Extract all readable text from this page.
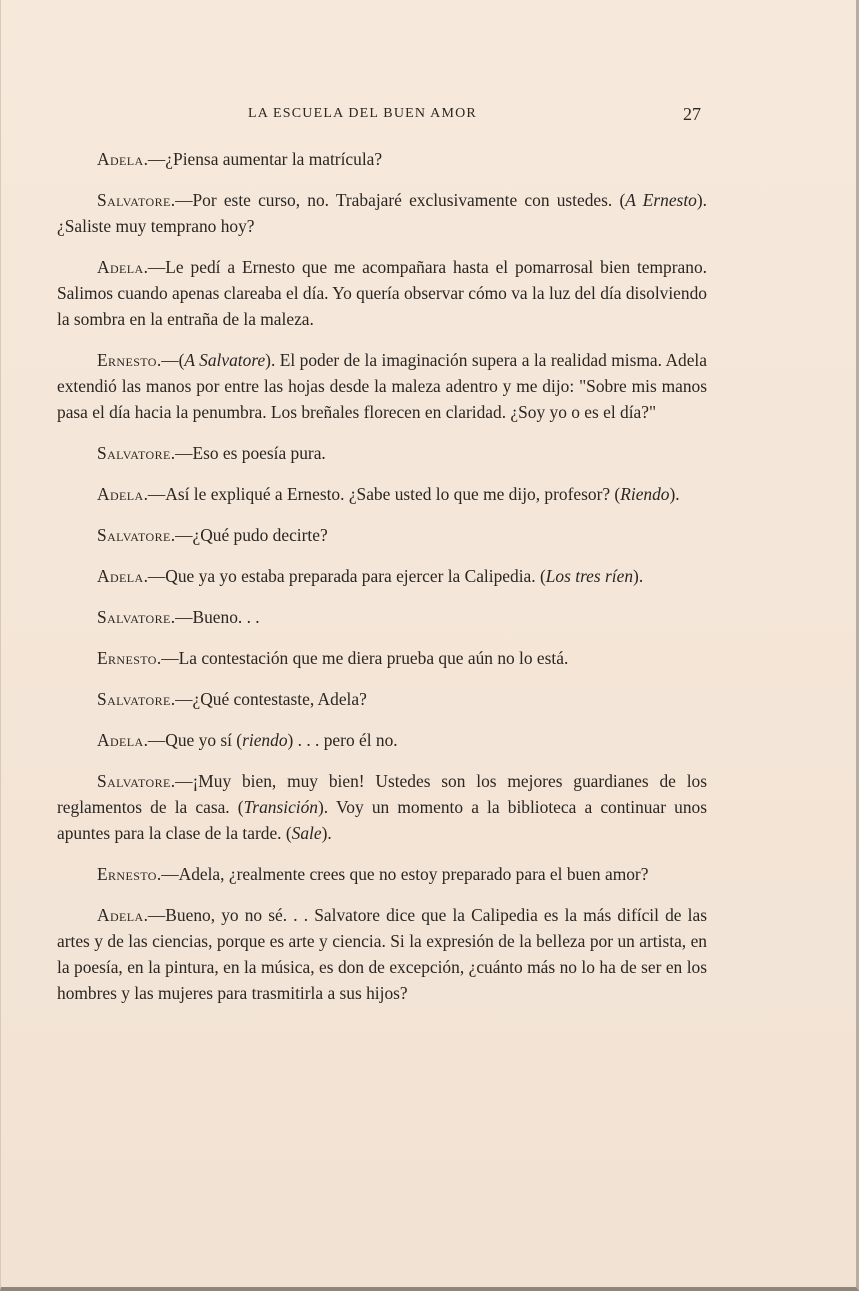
LA ESCUELA DEL BUEN AMOR	27

Adela.—¿Piensa aumentar la matrícula?

Salvatore.—Por este curso, no. Trabajaré exclusivamente con ustedes. (A Ernesto). ¿Saliste muy temprano hoy?

Adela.—Le pedí a Ernesto que me acompañara hasta el pomarrosal bien temprano. Salimos cuando apenas clareaba el día. Yo quería observar cómo va la luz del día disolviendo la sombra en la entraña de la maleza.

Ernesto.—(A Salvatore). El poder de la imaginación supera a la realidad misma. Adela extendió las manos por entre las hojas desde la maleza adentro y me dijo: "Sobre mis manos pasa el día hacia la penumbra. Los breñales florecen en claridad. ¿Soy yo o es el día?"

Salvatore.—Eso es poesía pura.

Adela.—Así le expliqué a Ernesto. ¿Sabe usted lo que me dijo, profesor? (Riendo).

Salvatore.—¿Qué pudo decirte?

Adela.—Que ya yo estaba preparada para ejercer la Calipedia. (Los tres ríen).

Salvatore.—Bueno. . .

Ernesto.—La contestación que me diera prueba que aún no lo está.

Salvatore.—¿Qué contestaste, Adela?

Adela.—Que yo sí (riendo) . . . pero él no.

Salvatore.—¡Muy bien, muy bien! Ustedes son los mejores guardianes de los reglamentos de la casa. (Transición). Voy un momento a la biblioteca a continuar unos apuntes para la clase de la tarde. (Sale).

Ernesto.—Adela, ¿realmente crees que no estoy preparado para el buen amor?

Adela.—Bueno, yo no sé. . . Salvatore dice que la Calipedia es la más difícil de las artes y de las ciencias, porque es arte y ciencia. Si la expresión de la belleza por un artista, en la poesía, en la pintura, en la música, es don de excepción, ¿cuánto más no lo ha de ser en los hombres y las mujeres para trasmitirla a sus hijos?
